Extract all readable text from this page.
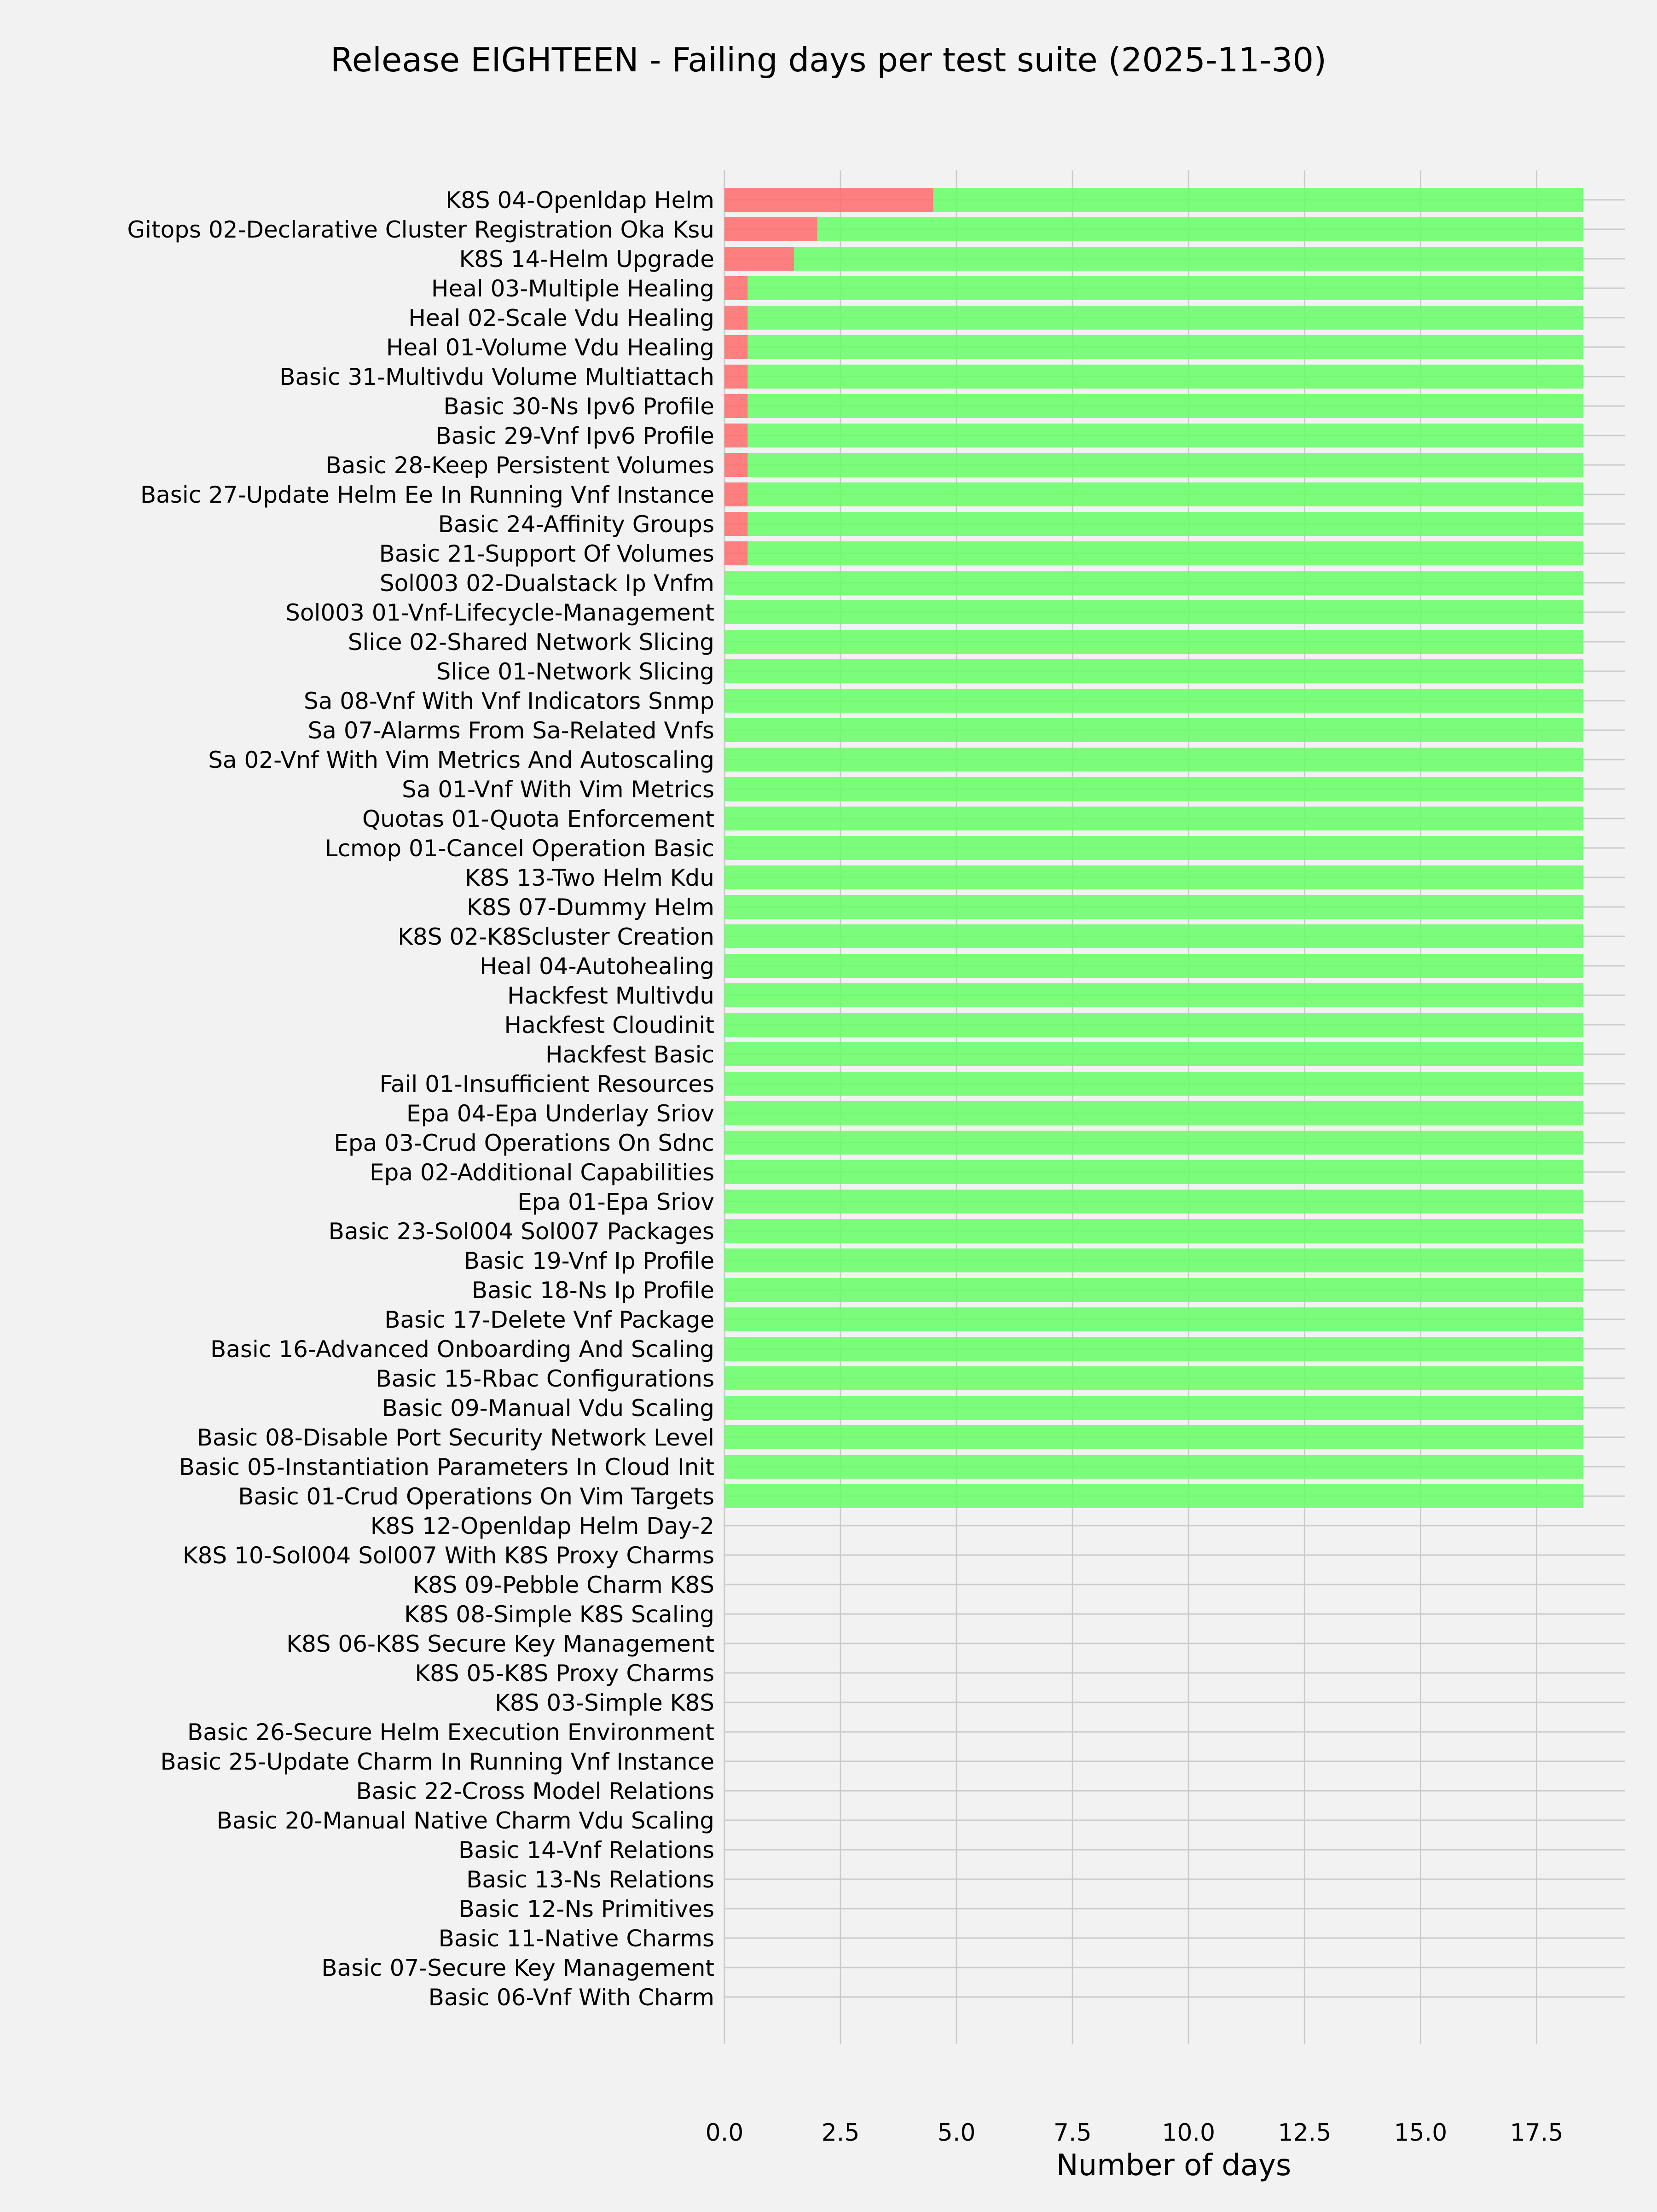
K8S 04-Openldap Helm
Gitops 02-Declarative Cluster Registration Oka Ksu
K8S 14-Helm Upgrade
Heal 03-Multiple Healing
Heal 02-Scale Vdu Healing
Heal 01-Volume Vdu Healing
Basic 31-Multivdu Volume Multiattach
Basic 30-Ns Ipv6 Profile
Basic 29-Vnf Ipv6 Profile
Basic 28-Keep Persistent Volumes
Basic 27-Update Helm Ee In Running Vnf Instance
Basic 24-Affinity Groups
Basic 21-Support Of Volumes
Sol003 02-Dualstack Ip Vnfm
Sol003 01-Vnf-Lifecycle-Management
Slice 02-Shared Network Slicing
Slice 01-Network Slicing
Sa 08-Vnf With Vnf Indicators Snmp
Sa 07-Alarms From Sa-Related Vnfs
Sa 02-Vnf With Vim Metrics And Autoscaling
Sa 01-Vnf With Vim Metrics
Quotas 01-Quota Enforcement
Lcmop 01-Cancel Operation Basic
K8S 13-Two Helm Kdu
K8S 07-Dummy Helm
K8S 02-K8Scluster Creation
Heal 04-Autohealing
Hackfest Multivdu
Hackfest Cloudinit
Hackfest Basic
Fail 01-Insufficient Resources
Epa 04-Epa Underlay Sriov
Epa 03-Crud Operations On Sdnc
Epa 02-Additional Capabilities
Epa 01-Epa Sriov
Basic 23-Sol004 Sol007 Packages
Basic 19-Vnf Ip Profile
Basic 18-Ns Ip Profile
Basic 17-Delete Vnf Package
Basic 16-Advanced Onboarding And Scaling
Basic 15-Rbac Configurations
Basic 09-Manual Vdu Scaling
Basic 08-Disable Port Security Network Level
Basic 05-Instantiation Parameters In Cloud Init
Basic 01-Crud Operations On Vim Targets
K8S 12-Openldap Helm Day-2
K8S 10-Sol004 Sol007 With K8S Proxy Charms
K8S 09-Pebble Charm K8S
K8S 08-Simple K8S Scaling
K8S 06-K8S Secure Key Management
K8S 05-K8S Proxy Charms
K8S 03-Simple K8S
Basic 26-Secure Helm Execution Environment
Basic 25-Update Charm In Running Vnf Instance
Basic 22-Cross Model Relations
Basic 20-Manual Native Charm Vdu Scaling
Basic 14-Vnf Relations
Basic 13-Ns Relations
Basic 12-Ns Primitives
Basic 11-Native Charms
Basic 07-Secure Key Management
Basic 06-Vnf With Charm
0.0	2.5	5.0	7.5	10.0	12.5	15.0	17.5
Release EIGHTEEN - Failing days per test suite (2025-11-30)
Number of days
